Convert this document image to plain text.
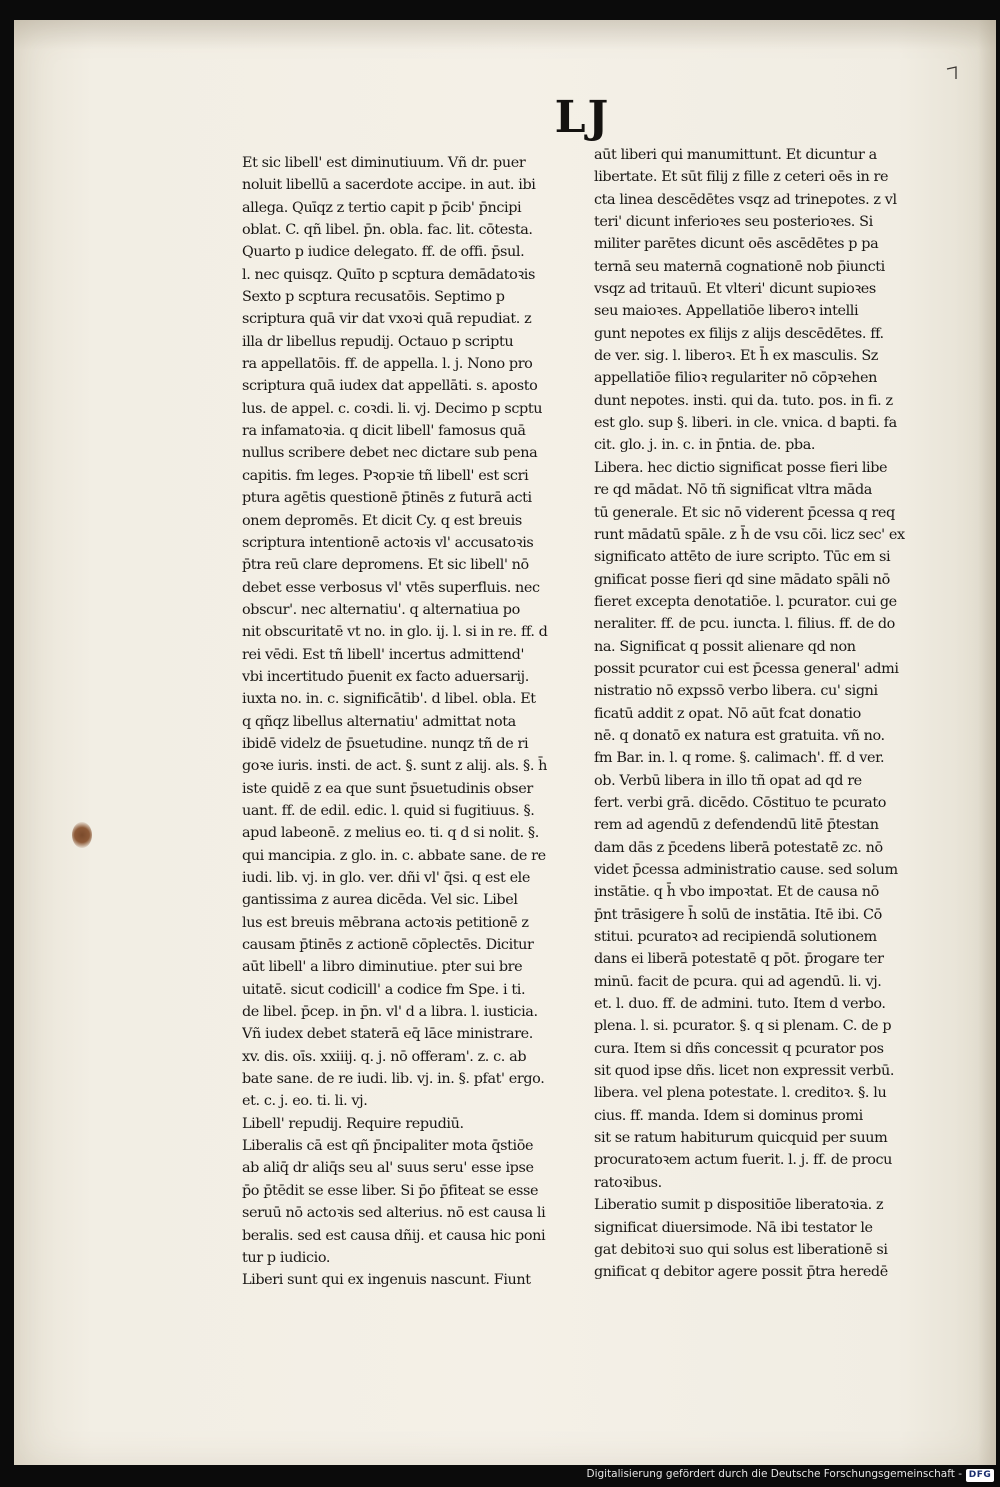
LJ
Et sic libell' est diminutiuum. Vñ dr. puer
noluit libellū a sacerdote accipe. in aut. ibi
allega. Quīqz z tertio capit p p̄cib' p̄ncipi
oblat. C. qñ libel. p̄n. obla. fac. lit. cōtesta.
Quarto p iudice delegato. ff. de offi. p̄sul.
l. nec quisqz. Quīto p scptura demādatoꝛis
Sexto p scptura recusatōis. Septimo p
scriptura quā vir dat vxoꝛi quā repudiat. z
illa dr libellus repudij. Octauo p scriptu
ra appellatōis. ff. de appella. l. j. Nono pro
scriptura quā iudex dat appellāti. s. aposto
lus. de appel. c. coꝛdi. li. vj. Decimo p scptu
ra infamatoꝛia. q dicit libell' famosus quā
nullus scribere debet nec dictare sub pena
capitis. fm leges. Pꝛopꝛie tñ libell' est scri
ptura agētis questionē p̄tinēs z futurā acti
onem depromēs. Et dicit Cy. q est breuis
scriptura intentionē actoꝛis vl' accusatoꝛis
p̄tra reū clare depromens. Et sic libell' nō
debet esse verbosus vl' vtēs superfluis. nec
obscur'. nec alternatiu'. q alternatiua po
nit obscuritatē vt no. in glo. ij. l. si in re. ff. d
rei vēdi. Est tñ libell' incertus admittend'
vbi incertitudo p̄uenit ex facto aduersarij.
iuxta no. in. c. significātib'. d libel. obla. Et
q qñqz libellus alternatiu' admittat nota
ibidē videlz de p̄suetudine. nunqz tñ de ri
goꝛe iuris. insti. de act. §. sunt z alij. als. §. h̄
iste quidē z ea que sunt p̄suetudinis obser
uant. ff. de edil. edic. l. quid si fugitiuus. §.
apud labeonē. z melius eo. ti. q d si nolit. §.
qui mancipia. z glo. in. c. abbate sane. de re
iudi. lib. vj. in glo. ver. dñi vl' q̄si. q est ele
gantissima z aurea dicēda. Vel sic. Libel
lus est breuis mēbrana actoꝛis petitionē z
causam p̄tinēs z actionē cōplectēs. Dicitur
aūt libell' a libro diminutiue. pter sui bre
uitatē. sicut codicill' a codice fm Spe. i ti.
de libel. p̄cep. in p̄n. vl' d a libra. l. iusticia.
Vñ iudex debet staterā eq̄ lāce ministrare.
xv. dis. oīs. xxiiij. q. j. nō offeram'. z. c. ab
bate sane. de re iudi. lib. vj. in. §. pfat' ergo.
et. c. j. eo. ti. li. vj.
Libell' repudij. Require repudiū.
Liberalis cā est qñ p̄ncipaliter mota q̄stiōe
ab aliq̄ dr aliq̄s seu al' suus seru' esse ipse
p̄o p̄tēdit se esse liber. Si p̄o p̄fiteat se esse
seruū nō actoꝛis sed alterius. nō est causa li
beralis. sed est causa dñij. et causa hic poni
tur p iudicio.
Liberi sunt qui ex ingenuis nascunt. Fiunt
aūt liberi qui manumittunt. Et dicuntur a
libertate. Et sūt filij z fille z ceteri oēs in re
cta linea descēdētes vsqz ad trinepotes. z vl
teri' dicunt inferioꝛes seu posterioꝛes. Si
militer parētes dicunt oēs ascēdētes p pa
ternā seu maternā cognationē nob p̄iuncti
vsqz ad tritauū. Et vlteri' dicunt supioꝛes
seu maioꝛes. Appellatiōe liberoꝛ intelli
gunt nepotes ex filijs z alijs descēdētes. ff.
de ver. sig. l. liberoꝛ. Et h̄ ex masculis. Sz
appellatiōe filioꝛ regulariter nō cōpꝛehen
dunt nepotes. insti. qui da. tuto. pos. in fi. z
est glo. sup §. liberi. in cle. vnica. d bapti. fa
cit. glo. j. in. c. in p̄ntia. de. pba.
Libera. hec dictio significat posse fieri libe
re qd mādat. Nō tñ significat vltra māda
tū generale. Et sic nō viderent p̄cessa q req
runt mādatū spāle. z h̄ de vsu cōi. licz sec' ex
significato attēto de iure scripto. Tūc em si
gnificat posse fieri qd sine mādato spāli nō
fieret excepta denotatiōe. l. pcurator. cui ge
neraliter. ff. de pcu. iuncta. l. filius. ff. de do
na. Significat q possit alienare qd non
possit pcurator cui est p̄cessa general' admi
nistratio nō expssō verbo libera. cu' signi
ficatū addit z opat. Nō aūt fcat donatio
nē. q donatō ex natura est gratuita. vñ no.
fm Bar. in. l. q rome. §. calimach'. ff. d ver.
ob. Verbū libera in illo tñ opat ad qd re
fert. verbi grā. dicēdo. Cōstituo te pcurato
rem ad agendū z defendendū litē p̄testan
dam dās z p̄cedens liberā potestatē zc. nō
videt p̄cessa administratio cause. sed solum
instātie. q h̄ vbo impoꝛtat. Et de causa nō
p̄nt trāsigere h̄ solū de instātia. Itē ibi. Cō
stitui. pcuratoꝛ ad recipiendā solutionem
dans ei liberā potestatē q pōt. p̄rogare ter
minū. facit de pcura. qui ad agendū. li. vj.
et. l. duo. ff. de admini. tuto. Item d verbo.
plena. l. si. pcurator. §. q si plenam. C. de p
cura. Item si dñs concessit q pcurator pos
sit quod ipse dñs. licet non expressit verbū.
libera. vel plena potestate. l. creditoꝛ. §. lu
cius. ff. manda. Idem si dominus promi
sit se ratum habiturum quicquid per suum
procuratoꝛem actum fuerit. l. j. ff. de procu
ratoꝛibus.
Liberatio sumit p dispositiōe liberatoꝛia. z
significat diuersimode. Nā ibi testator le
gat debitoꝛi suo qui solus est liberationē si
gnificat q debitor agere possit p̄tra heredē
Digitalisierung gefördert durch die Deutsche Forschungsgemeinschaft - DFG
